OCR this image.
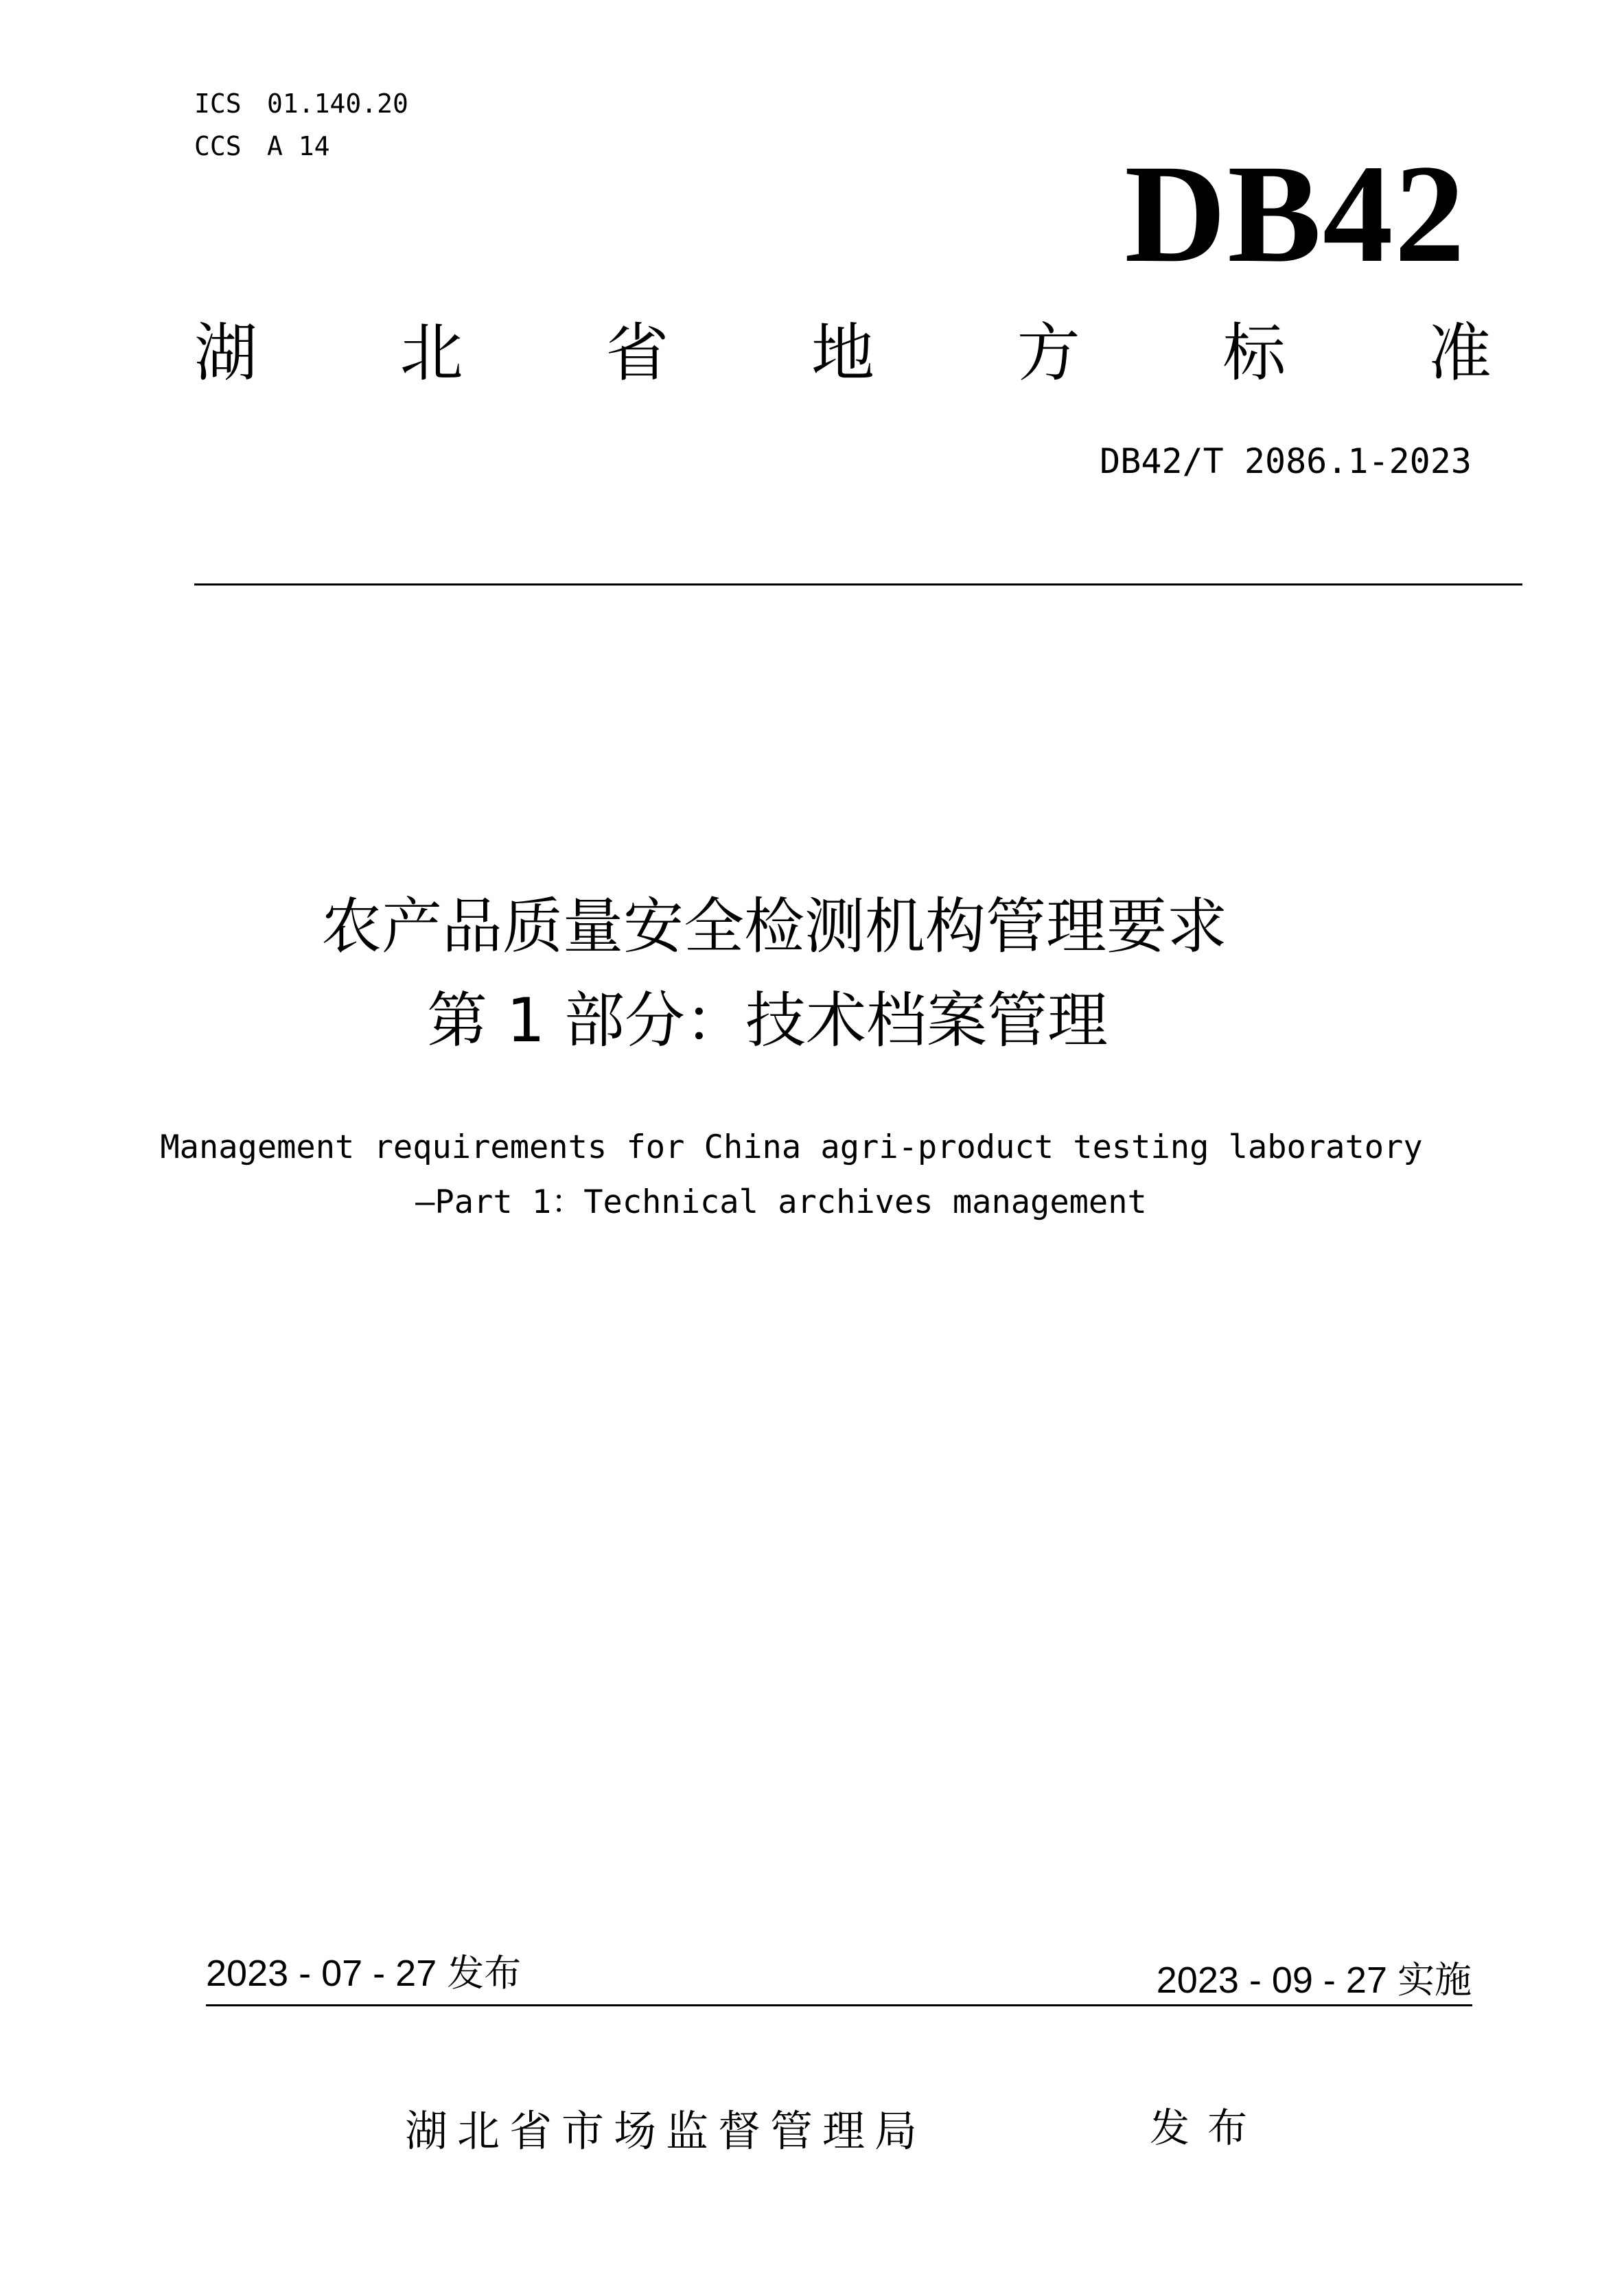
ICS 01.140.20
CCS A 14	DB42
湖 北 省 地 方 标 准
DB42/T 2086.1-2023
农产品质量安全检测机构管理要求
第 1 部分：技术档案管理
Management requirements for China agri-product testing laboratory
—Part 1：Technical archives management
2023 - 07 - 27 发布	2023 - 09 - 27 实施
湖北省市场监督管理局	发布
